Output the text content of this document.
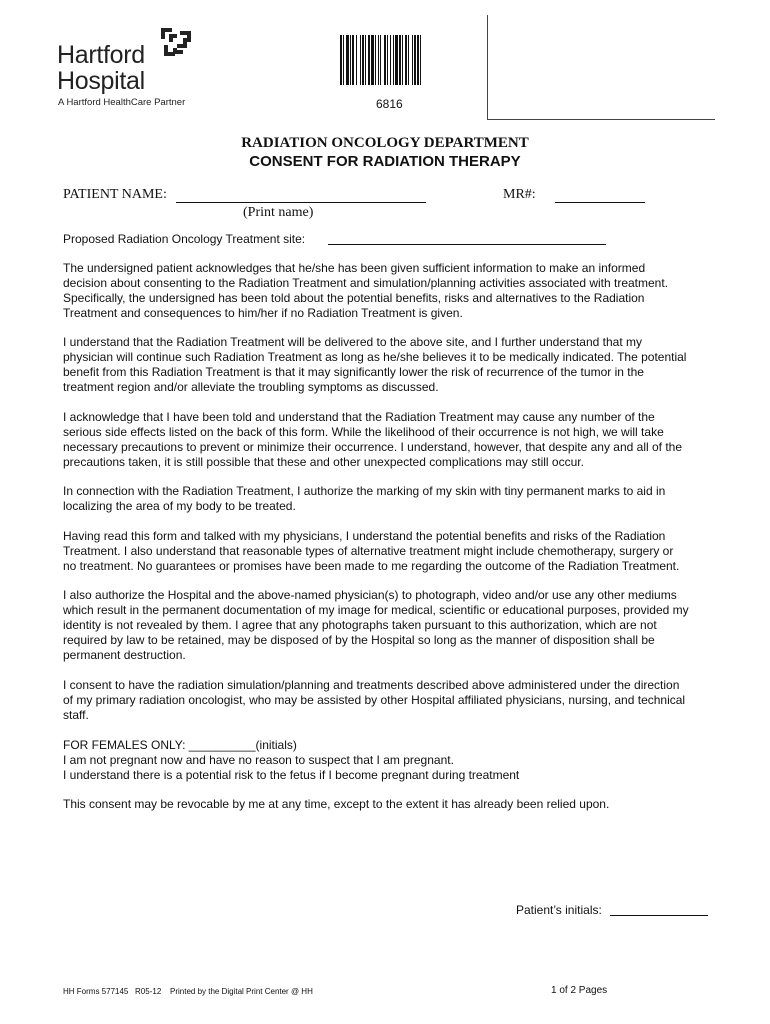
Hartford
Hospital
A Hartford HealthCare Partner	6816
RADIATION ONCOLOGY DEPARTMENT
CONSENT FOR RADIATION THERAPY
PATIENT NAME:
(Print name)
MR#:
Proposed Radiation Oncology Treatment site:

The undersigned patient acknowledges that he/she has been given sufficient information to make an informed
decision about consenting to the Radiation Treatment and simulation/planning activities associated with treatment.
Specifically, the undersigned has been told about the potential benefits, risks and alternatives to the Radiation
Treatment and consequences to him/her if no Radiation Treatment is given.

I understand that the Radiation Treatment will be delivered to the above site, and I further understand that my
physician will continue such Radiation Treatment as long as he/she believes it to be medically indicated. The potential
benefit from this Radiation Treatment is that it may significantly lower the risk of recurrence of the tumor in the
treatment region and/or alleviate the troubling symptoms as discussed.

I acknowledge that I have been told and understand that the Radiation Treatment may cause any number of the
serious side effects listed on the back of this form. While the likelihood of their occurrence is not high, we will take
necessary precautions to prevent or minimize their occurrence. I understand, however, that despite any and all of the
precautions taken, it is still possible that these and other unexpected complications may still occur.

In connection with the Radiation Treatment, I authorize the marking of my skin with tiny permanent marks to aid in
localizing the area of my body to be treated.

Having read this form and talked with my physicians, I understand the potential benefits and risks of the Radiation
Treatment. I also understand that reasonable types of alternative treatment might include chemotherapy, surgery or
no treatment. No guarantees or promises have been made to me regarding the outcome of the Radiation Treatment.

I also authorize the Hospital and the above-named physician(s) to photograph, video and/or use any other mediums
which result in the permanent documentation of my image for medical, scientific or educational purposes, provided my
identity is not revealed by them. I agree that any photographs taken pursuant to this authorization, which are not
required by law to be retained, may be disposed of by the Hospital so long as the manner of disposition shall be
permanent destruction.

I consent to have the radiation simulation/planning and treatments described above administered under the direction
of my primary radiation oncologist, who may be assisted by other Hospital affiliated physicians, nursing, and technical
staff.

FOR FEMALES ONLY: __________(initials)
I am not pregnant now and have no reason to suspect that I am pregnant.
I understand there is a potential risk to the fetus if I become pregnant during treatment

This consent may be revocable by me at any time, except to the extent it has already been relied upon.

Patient’s initials:
HH Forms 577145   R05-12 Printed by the Digital Print Center @ HH	1 of 2 Pages
